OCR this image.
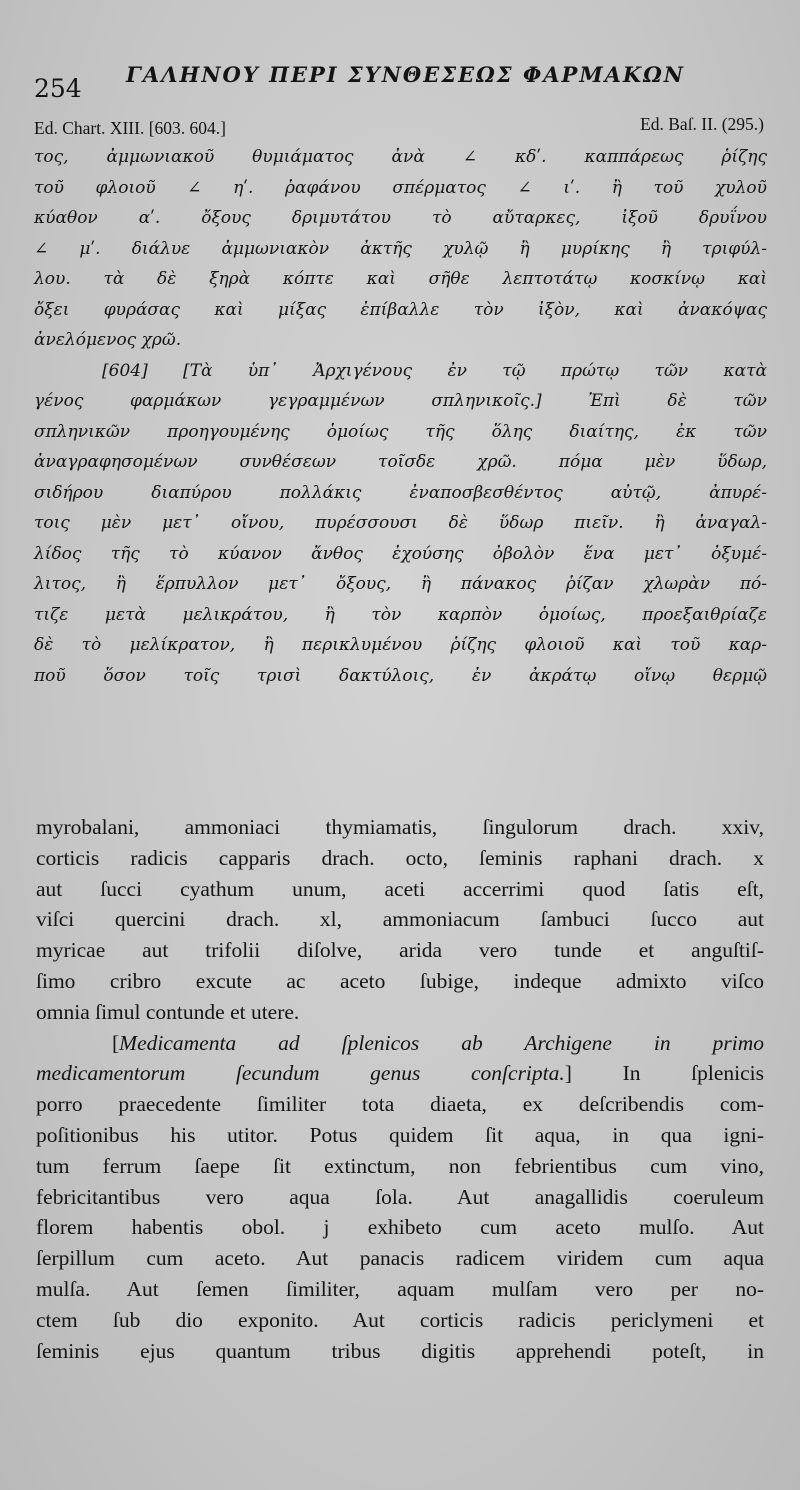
254 ΓΑΛΗΝΟΥ ΠΕΡΙ ΣΥΝΘΕΣΕΩΣ ΦΑΡΜΑΚΩΝ
Ed. Chart. XIII. [603. 604.]	Ed. Baſ. II. (295.)
τος, ἀμμωνιακοῦ θυμιάματος ἀνὰ ∠ κδʹ. καππάρεως ῥίζης
τοῦ φλοιοῦ ∠ ηʹ. ῥαφάνου σπέρματος ∠ ιʹ. ἢ τοῦ χυλοῦ
κύαθον αʹ. ὄξους δριμυτάτου τὸ αὔταρκες, ἰξοῦ δρυΐνου
∠ μʹ. διάλυε ἀμμωνιακὸν ἀκτῆς χυλῷ ἢ μυρίκης ἢ τριφύλ-
λου. τὰ δὲ ξηρὰ κόπτε καὶ σῆθε λεπτοτάτῳ κοσκίνῳ καὶ
ὄξει φυράσας καὶ μίξας ἐπίβαλλε τὸν ἰξὸν, καὶ ἀνακόψας
ἀνελόμενος χρῶ.
[604] [Τὰ ὑπ᾽ Ἀρχιγένους ἐν τῷ πρώτῳ τῶν κατὰ
γένος φαρμάκων γεγραμμένων σπληνικοῖς.] Ἐπὶ δὲ τῶν
σπληνικῶν προηγουμένης ὁμοίως τῆς ὅλης διαίτης, ἐκ τῶν
ἀναγραφησομένων συνθέσεων τοῖσδε χρῶ. πόμα μὲν ὕδωρ,
σιδήρου διαπύρου πολλάκις ἐναποσβεσθέντος αὐτῷ, ἀπυρέ-
τοις μὲν μετ᾽ οἴνου, πυρέσσουσι δὲ ὕδωρ πιεῖν. ἢ ἀναγαλ-
λίδος τῆς τὸ κύανον ἄνθος ἐχούσης ὀβολὸν ἕνα μετ᾽ ὀξυμέ-
λιτος, ἢ ἕρπυλλον μετ᾽ ὄξους, ἢ πάνακος ῥίζαν χλωρὰν πό-
τιζε μετὰ μελικράτου, ἢ τὸν καρπὸν ὁμοίως, προεξαιθρίαζε
δὲ τὸ μελίκρατον, ἢ περικλυμένου ῥίζης φλοιοῦ καὶ τοῦ καρ-
ποῦ ὅσον τοῖς τρισὶ δακτύλοις, ἐν ἀκράτῳ οἴνῳ θερμῷ
myrobalani, ammoniaci thymiamatis, ſingulorum drach. xxiv,
corticis radicis capparis drach. octo, ſeminis raphani drach. x
aut ſucci cyathum unum, aceti accerrimi quod ſatis eſt,
viſci quercini drach. xl, ammoniacum ſambuci ſucco aut
myricae aut trifolii diſolve, arida vero tunde et anguſtiſ-
ſimo cribro excute ac aceto ſubige, indeque admixto viſco
omnia ſimul contunde et utere.
[Medicamenta ad ſplenicos ab Archigene in primo
medicamentorum ſecundum genus conſcripta.] In ſplenicis
porro praecedente ſimiliter tota diaeta, ex deſcribendis com-
poſitionibus his utitor. Potus quidem ſit aqua, in qua igni-
tum ferrum ſaepe ſit extinctum, non febrientibus cum vino,
febricitantibus vero aqua ſola. Aut anagallidis coeruleum
florem habentis obol. j exhibeto cum aceto mulſo. Aut
ſerpillum cum aceto. Aut panacis radicem viridem cum aqua
mulſa. Aut ſemen ſimiliter, aquam mulſam vero per no-
ctem ſub dio exponito. Aut corticis radicis periclymeni et
ſeminis ejus quantum tribus digitis apprehendi poteſt, in
